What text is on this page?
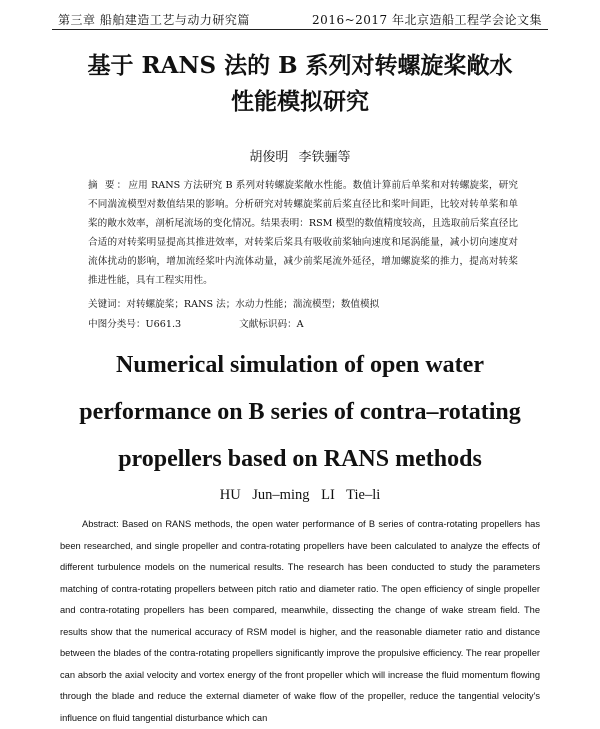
第三章 船舶建造工艺与动力研究篇	2016~2017 年北京造船工程学会论文集
基于 RANS 法的 B 系列对转螺旋桨敞水
性能模拟研究
胡俊明 李铁骊等
摘 要：应用 RANS 方法研究 B 系列对转螺旋桨敞水性能。数值计算前后单桨和对转螺旋桨，研究不同湍流模型对数值结果的影响。分析研究对转螺旋桨前后桨直径比和桨叶间距，比较对转单桨和单桨的敞水效率，剖析尾流场的变化情况。结果表明：RSM 模型的数值精度较高，且选取前后桨直径比合适的对转桨明显提高其推进效率，对转桨后桨具有吸收前桨轴向速度和尾涡能量，减小切向速度对流体扰动的影响，增加流经桨叶内流体动量，减少前桨尾流外延径，增加螺旋桨的推力，提高对转桨推进性能，具有工程实用性。
关键词：对转螺旋桨；RANS 法；水动力性能；湍流模型；数值模拟
中图分类号：U661.3	文献标识码：A
Numerical simulation of open water
performance on B series of contra–rotating
propellers based on RANS methods
HU Jun–ming LI Tie–li
Abstract: Based on RANS methods, the open water performance of B series of contra-rotating propellers has been researched, and single propeller and contra-rotating propellers have been calculated to analyze the effects of different turbulence models on the numerical results. The research has been conducted to study the parameters matching of contra-rotating propellers between pitch ratio and diameter ratio. The open efficiency of single propeller and contra-rotating propellers has been compared, meanwhile, dissecting the change of wake stream field. The results show that the numerical accuracy of RSM model is higher, and the reasonable diameter ratio and distance between the blades of the contra-rotating propellers significantly improve the propulsive efficiency. The rear propeller can absorb the axial velocity and vortex energy of the front propeller which will increase the fluid momentum flowing through the blade and reduce the external diameter of wake flow of the propeller, reduce the tangential velocity's influence on fluid tangential disturbance which can
